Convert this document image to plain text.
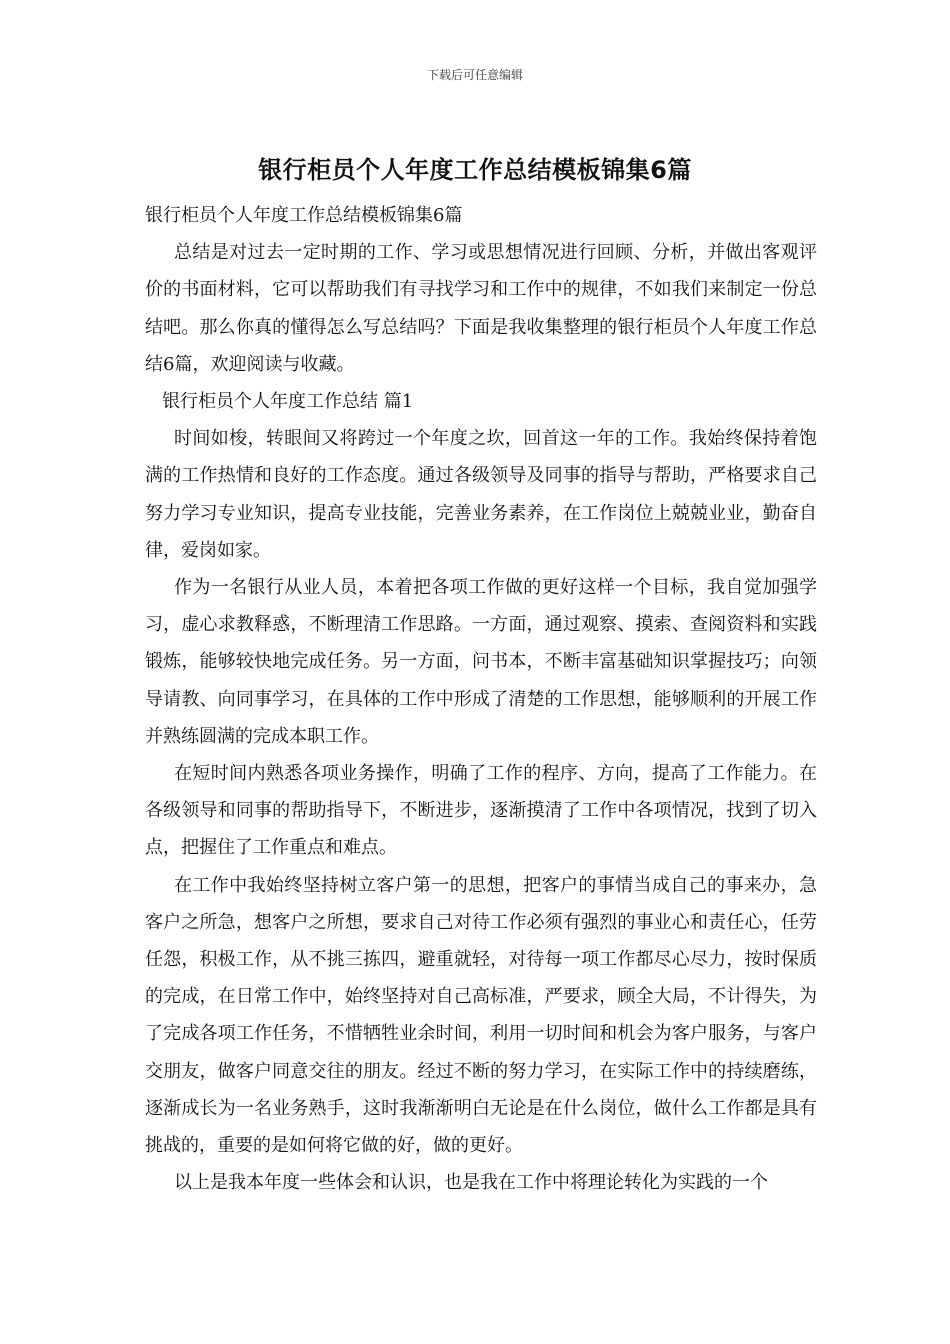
下载后可任意编辑
银行柜员个人年度工作总结模板锦集6篇

银行柜员个人年度工作总结模板锦集6篇

总结是对过去一定时期的工作、学习或思想情况进行回顾、分析，并做出客观评价的书面材料，它可以帮助我们有寻找学习和工作中的规律，不如我们来制定一份总结吧。那么你真的懂得怎么写总结吗？下面是我收集整理的银行柜员个人年度工作总结6篇，欢迎阅读与收藏。

银行柜员个人年度工作总结 篇1

时间如梭，转眼间又将跨过一个年度之坎，回首这一年的工作。我始终保持着饱满的工作热情和良好的工作态度。通过各级领导及同事的指导与帮助，严格要求自己努力学习专业知识，提高专业技能，完善业务素养，在工作岗位上兢兢业业，勤奋自律，爱岗如家。

作为一名银行从业人员，本着把各项工作做的更好这样一个目标，我自觉加强学习，虚心求教释惑，不断理清工作思路。一方面，通过观察、摸索、查阅资料和实践锻炼，能够较快地完成任务。另一方面，问书本，不断丰富基础知识掌握技巧；向领导请教、向同事学习，在具体的工作中形成了清楚的工作思想，能够顺利的开展工作并熟练圆满的完成本职工作。

在短时间内熟悉各项业务操作，明确了工作的程序、方向，提高了工作能力。在各级领导和同事的帮助指导下，不断进步，逐渐摸清了工作中各项情况，找到了切入点，把握住了工作重点和难点。

在工作中我始终坚持树立客户第一的思想，把客户的事情当成自己的事来办，急客户之所急，想客户之所想，要求自己对待工作必须有强烈的事业心和责任心，任劳任怨，积极工作，从不挑三拣四，避重就轻，对待每一项工作都尽心尽力，按时保质的完成，在日常工作中，始终坚持对自己高标准，严要求，顾全大局，不计得失，为了完成各项工作任务，不惜牺牲业余时间，利用一切时间和机会为客户服务，与客户交朋友，做客户同意交往的朋友。经过不断的努力学习，在实际工作中的持续磨练，逐渐成长为一名业务熟手，这时我渐渐明白无论是在什么岗位，做什么工作都是具有挑战的，重要的是如何将它做的好，做的更好。

以上是我本年度一些体会和认识，也是我在工作中将理论转化为实践的一个
